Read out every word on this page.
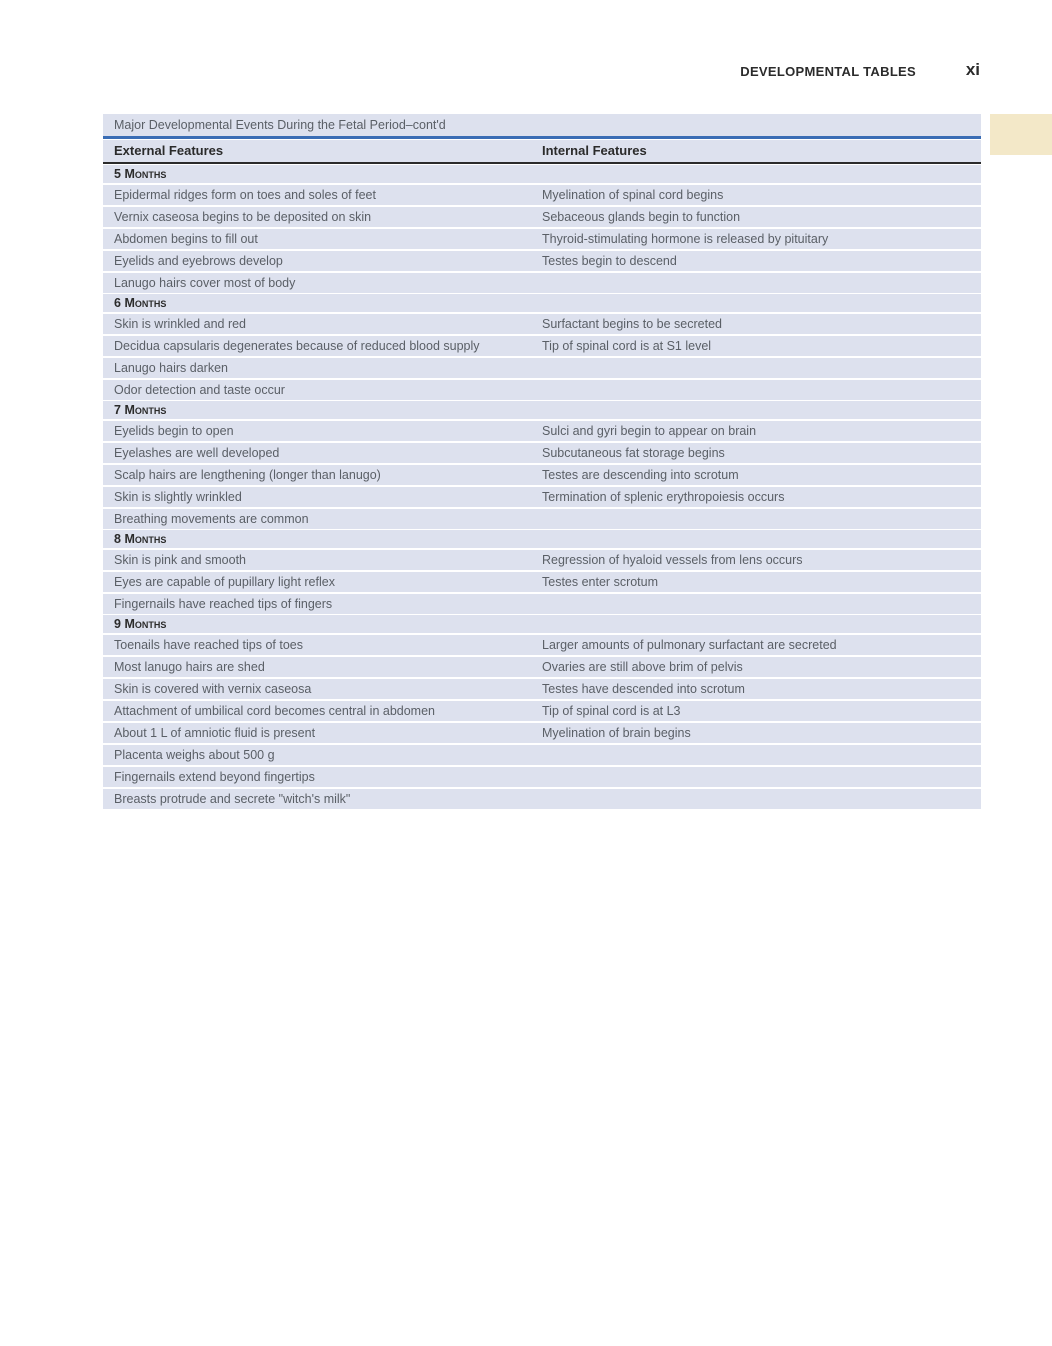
DEVELOPMENTAL TABLES	xi
Major Developmental Events During the Fetal Period–cont'd
External Features	Internal Features
5 Months
Epidermal ridges form on toes and soles of feet	Myelination of spinal cord begins
Vernix caseosa begins to be deposited on skin	Sebaceous glands begin to function
Abdomen begins to fill out	Thyroid-stimulating hormone is released by pituitary
Eyelids and eyebrows develop	Testes begin to descend
Lanugo hairs cover most of body
6 Months
Skin is wrinkled and red	Surfactant begins to be secreted
Decidua capsularis degenerates because of reduced blood supply	Tip of spinal cord is at S1 level
Lanugo hairs darken
Odor detection and taste occur
7 Months
Eyelids begin to open	Sulci and gyri begin to appear on brain
Eyelashes are well developed	Subcutaneous fat storage begins
Scalp hairs are lengthening (longer than lanugo)	Testes are descending into scrotum
Skin is slightly wrinkled	Termination of splenic erythropoiesis occurs
Breathing movements are common
8 Months
Skin is pink and smooth	Regression of hyaloid vessels from lens occurs
Eyes are capable of pupillary light reflex	Testes enter scrotum
Fingernails have reached tips of fingers
9 Months
Toenails have reached tips of toes	Larger amounts of pulmonary surfactant are secreted
Most lanugo hairs are shed	Ovaries are still above brim of pelvis
Skin is covered with vernix caseosa	Testes have descended into scrotum
Attachment of umbilical cord becomes central in abdomen	Tip of spinal cord is at L3
About 1 L of amniotic fluid is present	Myelination of brain begins
Placenta weighs about 500 g
Fingernails extend beyond fingertips
Breasts protrude and secrete "witch's milk"
